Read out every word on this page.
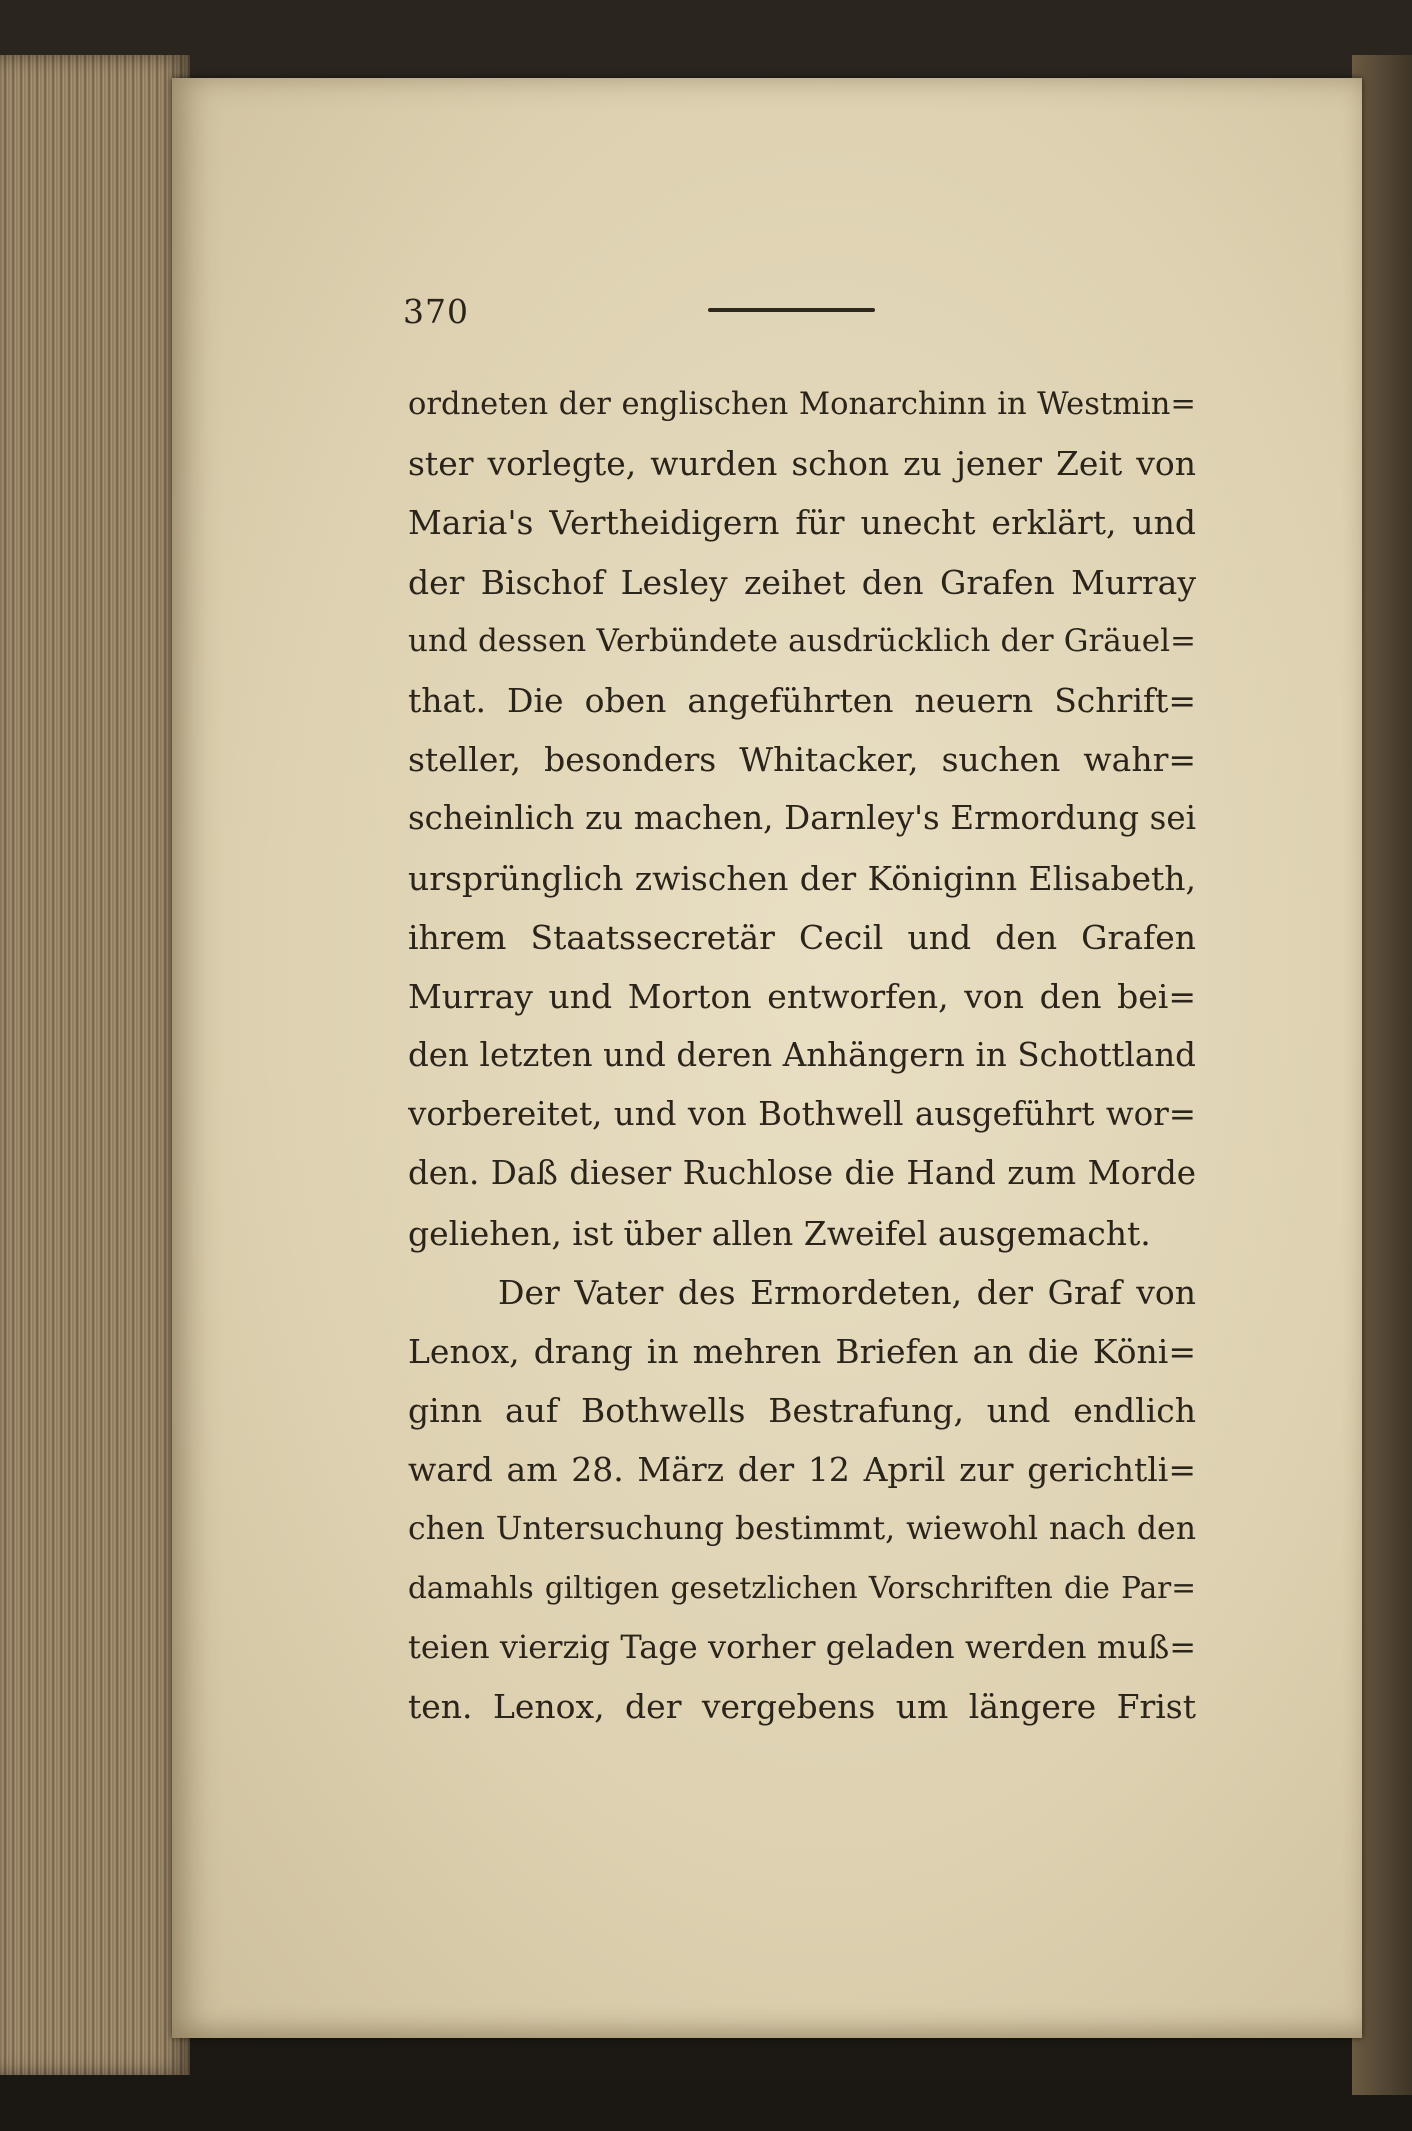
370
ordneten der englischen Monarchinn in Westmin=
ster vorlegte, wurden schon zu jener Zeit von
Maria's Vertheidigern für unecht erklärt, und
der Bischof Lesley zeihet den Grafen Murray
und dessen Verbündete ausdrücklich der Gräuel=
that. Die oben angeführten neuern Schrift=
steller, besonders Whitacker, suchen wahr=
scheinlich zu machen, Darnley's Ermordung sei
ursprünglich zwischen der Königinn Elisabeth,
ihrem Staatssecretär Cecil und den Grafen
Murray und Morton entworfen, von den bei=
den letzten und deren Anhängern in Schottland
vorbereitet, und von Bothwell ausgeführt wor=
den. Daß dieser Ruchlose die Hand zum Morde
geliehen, ist über allen Zweifel ausgemacht.
Der Vater des Ermordeten, der Graf von
Lenox, drang in mehren Briefen an die Köni=
ginn auf Bothwells Bestrafung, und endlich
ward am 28. März der 12 April zur gerichtli=
chen Untersuchung bestimmt, wiewohl nach den
damahls giltigen gesetzlichen Vorschriften die Par=
teien vierzig Tage vorher geladen werden muß=
ten. Lenox, der vergebens um längere Frist
